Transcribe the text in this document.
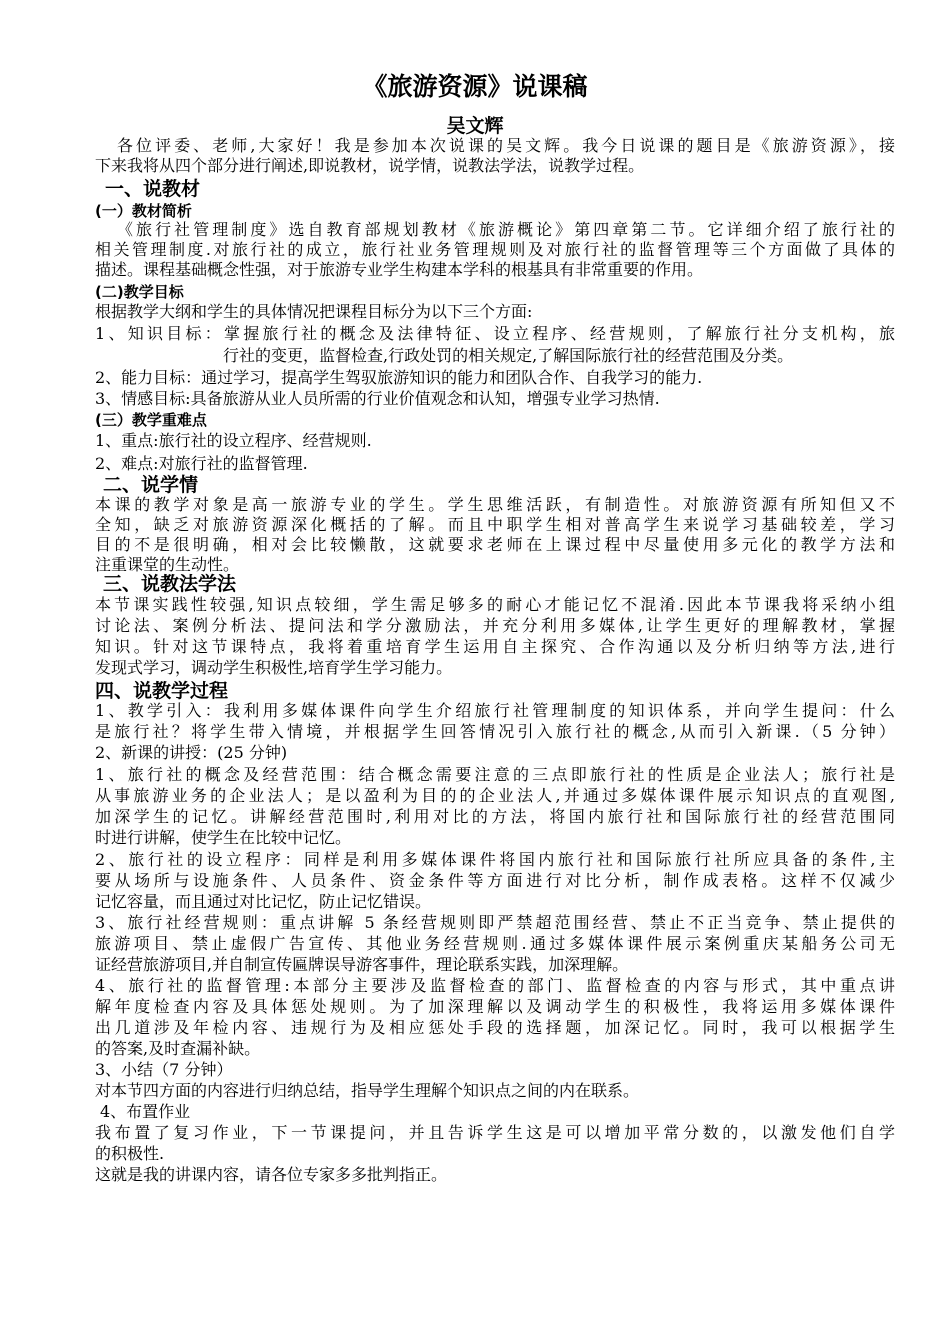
《旅游资源》说课稿
吴文辉
各位评委、老师,大家好！我是参加本次说课的吴文辉。我今日说课的题目是《旅游资源》，接
下来我将从四个部分进行阐述,即说教材，说学情，说教法学法，说教学过程。
一、说教材
(一）教材简析
《旅行社管理制度》选自教育部规划教材《旅游概论》第四章第二节。它详细介绍了旅行社的
相关管理制度.对旅行社的成立，旅行社业务管理规则及对旅行社的监督管理等三个方面做了具体的
描述。课程基础概念性强，对于旅游专业学生构建本学科的根基具有非常重要的作用。
(二)教学目标
根据教学大纲和学生的具体情况把课程目标分为以下三个方面:
1、知识目标：掌握旅行社的概念及法律特征、设立程序、经营规则，了解旅行社分支机构，旅
行社的变更，监督检查,行政处罚的相关规定,了解国际旅行社的经营范围及分类。
2、能力目标：通过学习，提高学生驾驭旅游知识的能力和团队合作、自我学习的能力.
3、情感目标:具备旅游从业人员所需的行业价值观念和认知，增强专业学习热情.
(三）教学重难点
1、重点:旅行社的设立程序、经营规则.
2、难点:对旅行社的监督管理.
二、说学情
本课的教学对象是高一旅游专业的学生。学生思维活跃，有制造性。对旅游资源有所知但又不
全知，缺乏对旅游资源深化概括的了解。而且中职学生相对普高学生来说学习基础较差，学习
目的不是很明确，相对会比较懒散，这就要求老师在上课过程中尽量使用多元化的教学方法和
注重课堂的生动性。
三、说教法学法
本节课实践性较强,知识点较细，学生需足够多的耐心才能记忆不混淆.因此本节课我将采纳小组
讨论法、案例分析法、提问法和学分激励法，并充分利用多媒体,让学生更好的理解教材，掌握
知识。针对这节课特点，我将着重培育学生运用自主探究、合作沟通以及分析归纳等方法,进行
发现式学习，调动学生积极性,培育学生学习能力。
四、说教学过程
1、教学引入：我利用多媒体课件向学生介绍旅行社管理制度的知识体系，并向学生提问：什么
是旅行社？将学生带入情境，并根据学生回答情况引入旅行社的概念,从而引入新课.（5 分钟）
2、新课的讲授：(25 分钟)
1、旅行社的概念及经营范围：结合概念需要注意的三点即旅行社的性质是企业法人；旅行社是
从事旅游业务的企业法人；是以盈利为目的的企业法人,并通过多媒体课件展示知识点的直观图,
加深学生的记忆。讲解经营范围时,利用对比的方法，将国内旅行社和国际旅行社的经营范围同
时进行讲解，使学生在比较中记忆。
2、旅行社的设立程序：同样是利用多媒体课件将国内旅行社和国际旅行社所应具备的条件,主
要从场所与设施条件、人员条件、资金条件等方面进行对比分析，制作成表格。这样不仅减少
记忆容量，而且通过对比记忆，防止记忆错误。
3、旅行社经营规则：重点讲解 5 条经营规则即严禁超范围经营、禁止不正当竞争、禁止提供的
旅游项目、禁止虚假广告宣传、其他业务经营规则.通过多媒体课件展示案例重庆某船务公司无
证经营旅游项目,并自制宣传匾牌误导游客事件，理论联系实践，加深理解。
4、旅行社的监督管理:本部分主要涉及监督检查的部门、监督检查的内容与形式，其中重点讲
解年度检查内容及具体惩处规则。为了加深理解以及调动学生的积极性，我将运用多媒体课件
出几道涉及年检内容、违规行为及相应惩处手段的选择题，加深记忆。同时，我可以根据学生
的答案,及时查漏补缺。
3、小结（7 分钟）
对本节四方面的内容进行归纳总结，指导学生理解个知识点之间的内在联系。
4、布置作业
我布置了复习作业，下一节课提问，并且告诉学生这是可以增加平常分数的，以激发他们自学
的积极性.
这就是我的讲课内容，请各位专家多多批判指正。
